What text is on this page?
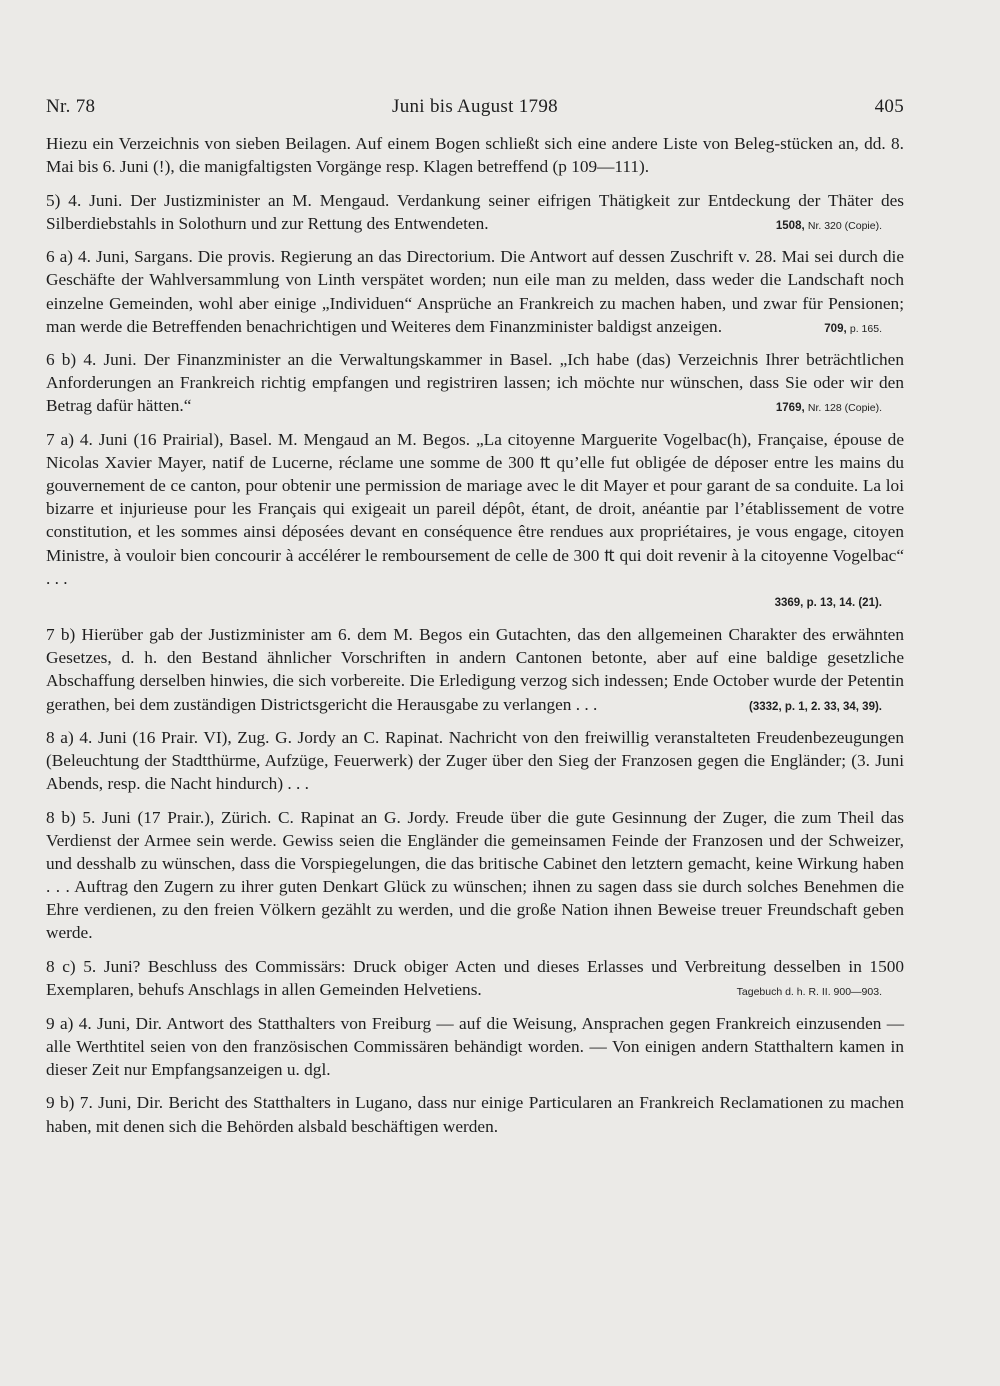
Nr. 78	Juni bis August 1798	405

Hiezu ein Verzeichnis von sieben Beilagen. Auf einem Bogen schließt sich eine andere Liste von Beleg-stücken an, dd. 8. Mai bis 6. Juni (!), die manigfaltigsten Vorgänge resp. Klagen betreffend (p 109—111).

5) 4. Juni. Der Justizminister an M. Mengaud. Verdankung seiner eifrigen Thätigkeit zur Entdeckung der Thäter des Silberdiebstahls in Solothurn und zur Rettung des Entwendeten.	1508, Nr. 320 (Copie).

6 a) 4. Juni, Sargans. Die provis. Regierung an das Directorium. Die Antwort auf dessen Zuschrift v. 28. Mai sei durch die Geschäfte der Wahlversammlung von Linth verspätet worden; nun eile man zu melden, dass weder die Landschaft noch einzelne Gemeinden, wohl aber einige „Individuen“ Ansprüche an Frankreich zu machen haben, und zwar für Pensionen; man werde die Betreffenden benachrichtigen und Weiteres dem Finanzminister baldigst anzeigen.	709, p. 165.

6 b) 4. Juni. Der Finanzminister an die Verwaltungskammer in Basel. „Ich habe (das) Verzeichnis Ihrer beträchtlichen Anforderungen an Frankreich richtig empfangen und registriren lassen; ich möchte nur wünschen, dass Sie oder wir den Betrag dafür hätten.“	1769, Nr. 128 (Copie).

7 a) 4. Juni (16 Prairial), Basel. M. Mengaud an M. Begos. „La citoyenne Marguerite Vogelbac(h), Française, épouse de Nicolas Xavier Mayer, natif de Lucerne, réclame une somme de 300 ₶ qu’elle fut obligée de déposer entre les mains du gouvernement de ce canton, pour obtenir une permission de mariage avec le dit Mayer et pour garant de sa conduite. La loi bizarre et injurieuse pour les Français qui exigeait un pareil dépôt, étant, de droit, anéantie par l’établissement de votre constitution, et les sommes ainsi déposées devant en conséquence être rendues aux propriétaires, je vous engage, citoyen Ministre, à vouloir bien concourir à accélérer le remboursement de celle de 300 ₶ qui doit revenir à la citoyenne Vogelbac“ . . .

3369, p. 13, 14. (21).

7 b) Hierüber gab der Justizminister am 6. dem M. Begos ein Gutachten, das den allgemeinen Charakter des erwähnten Gesetzes, d. h. den Bestand ähnlicher Vorschriften in andern Cantonen betonte, aber auf eine baldige gesetzliche Abschaffung derselben hinwies, die sich vorbereite. Die Erledigung verzog sich indessen; Ende October wurde der Petentin gerathen, bei dem zuständigen Districtsgericht die Herausgabe zu verlangen . . .	(3332, p. 1, 2. 33, 34, 39).

8 a) 4. Juni (16 Prair. VI), Zug. G. Jordy an C. Rapinat. Nachricht von den freiwillig veranstalteten Freudenbezeugungen (Beleuchtung der Stadtthürme, Aufzüge, Feuerwerk) der Zuger über den Sieg der Franzosen gegen die Engländer; (3. Juni Abends, resp. die Nacht hindurch) . . .

8 b) 5. Juni (17 Prair.), Zürich. C. Rapinat an G. Jordy. Freude über die gute Gesinnung der Zuger, die zum Theil das Verdienst der Armee sein werde. Gewiss seien die Engländer die gemeinsamen Feinde der Franzosen und der Schweizer, und desshalb zu wünschen, dass die Vorspiegelungen, die das britische Cabinet den letztern gemacht, keine Wirkung haben . . . Auftrag den Zugern zu ihrer guten Denkart Glück zu wünschen; ihnen zu sagen dass sie durch solches Benehmen die Ehre verdienen, zu den freien Völkern gezählt zu werden, und die große Nation ihnen Beweise treuer Freundschaft geben werde.

8 c) 5. Juni? Beschluss des Commissärs: Druck obiger Acten und dieses Erlasses und Verbreitung desselben in 1500 Exemplaren, behufs Anschlags in allen Gemeinden Helvetiens.	Tagebuch d. h. R. II. 900—903.

9 a) 4. Juni, Dir. Antwort des Statthalters von Freiburg — auf die Weisung, Ansprachen gegen Frankreich einzusenden — alle Werthtitel seien von den französischen Commissären behändigt worden. — Von einigen andern Statthaltern kamen in dieser Zeit nur Empfangsanzeigen u. dgl.

9 b) 7. Juni, Dir. Bericht des Statthalters in Lugano, dass nur einige Particularen an Frankreich Reclamationen zu machen haben, mit denen sich die Behörden alsbald beschäftigen werden.
